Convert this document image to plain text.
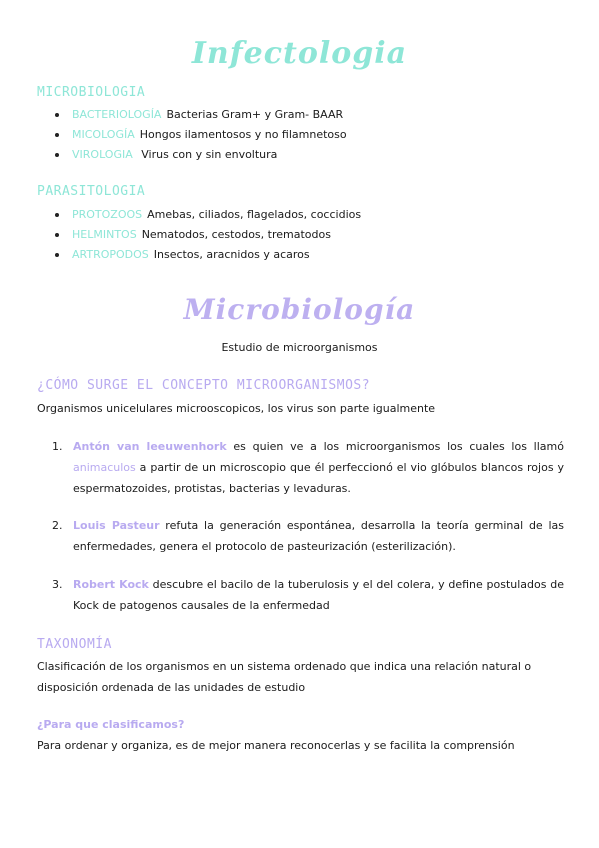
Infectologia
MICROBIOLOGIA
BACTERIOLOGÍA Bacterias Gram+ y Gram- BAAR
MICOLOGÍA Hongos ilamentosos y no filamnetoso
VIROLOGIA Virus con y sin envoltura
PARASITOLOGIA
PROTOZOOS Amebas, ciliados, flagelados, coccidios
HELMINTOS Nematodos, cestodos, trematodos
ARTROPODOS Insectos, aracnidos y acaros
Microbiología
Estudio de microorganismos
¿CÓMO SURGE EL CONCEPTO MICROORGANISMOS?
Organismos unicelulares microoscopicos, los virus son parte igualmente
1. Antón van leeuwenhork es quien ve a los microorganismos los cuales los llamó animaculos a partir de un microscopio que él perfeccionó el vio glóbulos blancos rojos y espermatozoides, protistas, bacterias y levaduras.
2. Louis Pasteur refuta la generación espontánea, desarrolla la teoría germinal de las enfermedades, genera el protocolo de pasteurización (esterilización).
3. Robert Kock descubre el bacilo de la tuberulosis y el del colera, y define postulados de Kock de patogenos causales de la enfermedad
TAXONOMÍA
Clasificación de los organismos en un sistema ordenado que indica una relación natural o disposición ordenada de las unidades de estudio
¿Para que clasificamos?
Para ordenar y organiza, es de mejor manera reconocerlas y se facilita la comprensión
